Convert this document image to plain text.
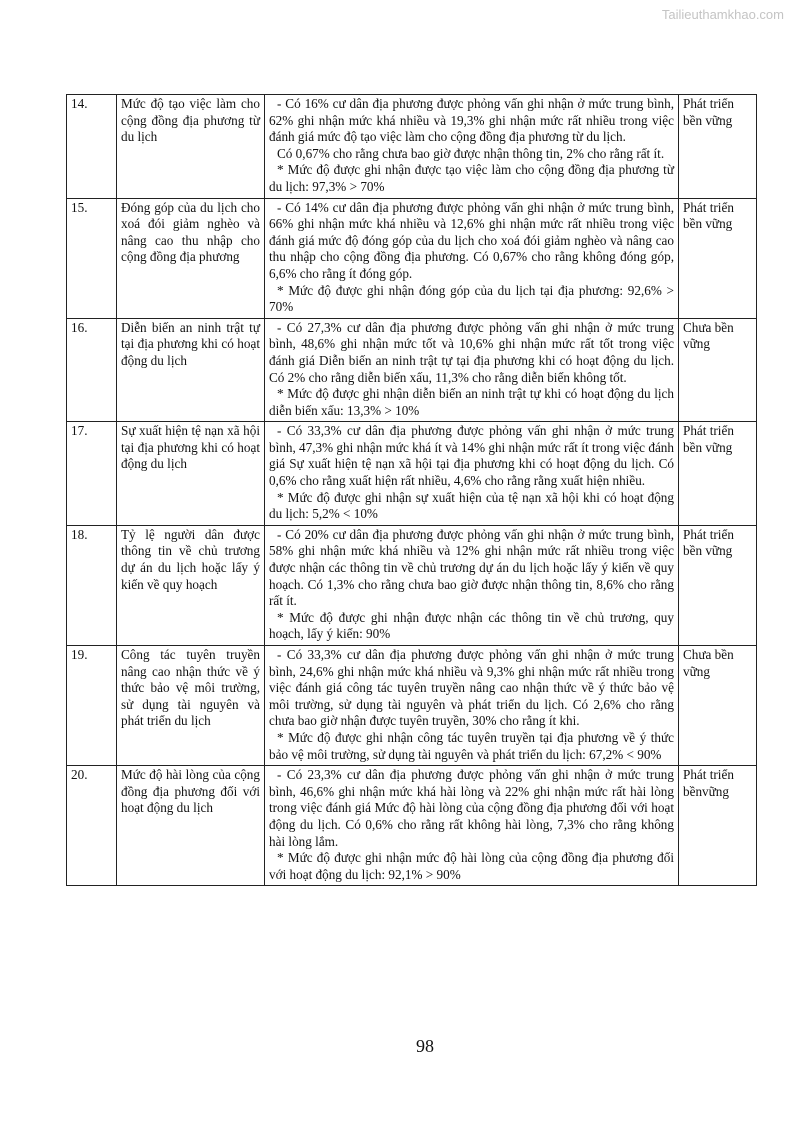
Tailieuthamkhao.com
14.	Mức độ tạo việc làm cho cộng đồng địa phương từ du lịch	- Có 16% cư dân địa phương được phỏng vấn ghi nhận ở mức trung bình, 62% ghi nhận mức khá nhiều và 19,3% ghi nhận mức rất nhiều trong việc đánh giá mức độ tạo việc làm cho cộng đồng địa phương từ du lịch.

Có 0,67% cho rằng chưa bao giờ được nhận thông tin, 2% cho rằng rất ít.

* Mức độ được ghi nhận được tạo việc làm cho cộng đồng địa phương từ du lịch: 97,3% > 70%	Phát triển bền vững
15.	Đóng góp của du lịch cho xoá đói giảm nghèo và nâng cao thu nhập cho cộng đồng địa phương	- Có 14% cư dân địa phương được phỏng vấn ghi nhận ở mức trung bình, 66% ghi nhận mức khá nhiều và 12,6% ghi nhận mức rất nhiều trong việc đánh giá mức độ đóng góp của du lịch cho xoá đói giảm nghèo và nâng cao thu nhập cho cộng đồng địa phương. Có 0,67% cho rằng không đóng góp, 6,6% cho rằng ít đóng góp.

* Mức độ được ghi nhận đóng góp của du lịch tại địa phương: 92,6% > 70%	Phát triển bền vững
16.	Diễn biến an ninh trật tự tại địa phương khi có hoạt động du lịch	- Có 27,3% cư dân địa phương được phỏng vấn ghi nhận ở mức trung bình, 48,6% ghi nhận mức tốt và 10,6% ghi nhận mức rất tốt trong việc đánh giá Diễn biến an ninh trật tự tại địa phương khi có hoạt động du lịch. Có 2% cho rằng diễn biến xấu, 11,3% cho rằng diễn biến không tốt.

* Mức độ được ghi nhận diễn biến an ninh trật tự khi có hoạt động du lịch diễn biến xấu: 13,3% > 10%	Chưa bền vững
17.	Sự xuất hiện tệ nạn xã hội tại địa phương khi có hoạt động du lịch	- Có 33,3% cư dân địa phương được phỏng vấn ghi nhận ở mức trung bình, 47,3% ghi nhận mức khá ít và 14% ghi nhận mức rất ít trong việc đánh giá Sự xuất hiện tệ nạn xã hội tại địa phương khi có hoạt động du lịch. Có 0,6% cho rằng xuất hiện rất nhiều, 4,6% cho rằng rằng xuất hiện nhiều.

* Mức độ được ghi nhận sự xuất hiện của tệ nạn xã hội khi có hoạt động du lịch: 5,2% < 10%	Phát triển bền vững
18.	Tỷ lệ người dân được thông tin về chủ trương dự án du lịch hoặc lấy ý kiến về quy hoạch	- Có 20% cư dân địa phương được phỏng vấn ghi nhận ở mức trung bình, 58% ghi nhận mức khá nhiều và 12% ghi nhận mức rất nhiều trong việc được nhận các thông tin về chủ trương dự án du lịch hoặc lấy ý kiến về quy hoạch. Có 1,3% cho rằng chưa bao giờ được nhận thông tin, 8,6% cho rằng rất ít.

* Mức độ được ghi nhận được nhận các thông tin về chủ trương, quy hoạch, lấy ý kiến: 90%	Phát triển bền vững
19.	Công tác tuyên truyền nâng cao nhận thức về ý thức bảo vệ môi trường, sử dụng tài nguyên và phát triển du lịch	- Có 33,3% cư dân địa phương được phỏng vấn ghi nhận ở mức trung bình, 24,6% ghi nhận mức khá nhiều và 9,3% ghi nhận mức rất nhiều trong việc đánh giá công tác tuyên truyền nâng cao nhận thức về ý thức bảo vệ môi trường, sử dụng tài nguyên và phát triển du lịch. Có 2,6% cho rằng chưa bao giờ nhận được tuyên truyền, 30% cho rằng ít khi.

* Mức độ được ghi nhận công tác tuyên truyền tại địa phương về ý thức bảo vệ môi trường, sử dụng tài nguyên và phát triển du lịch: 67,2% < 90%	Chưa bền vững
20.	Mức độ hài lòng của cộng đồng địa phương đối với hoạt động du lịch	- Có 23,3% cư dân địa phương được phỏng vấn ghi nhận ở mức trung bình, 46,6% ghi nhận mức khá hài lòng và 22% ghi nhận mức rất hài lòng trong việc đánh giá Mức độ hài lòng của cộng đồng địa phương đối với hoạt động du lịch. Có 0,6% cho rằng rất không hài lòng, 7,3% cho rằng không hài lòng lắm.

* Mức độ được ghi nhận mức độ hài lòng của cộng đồng địa phương đối với hoạt động du lịch: 92,1% > 90%	Phát triển bềnvững
98
